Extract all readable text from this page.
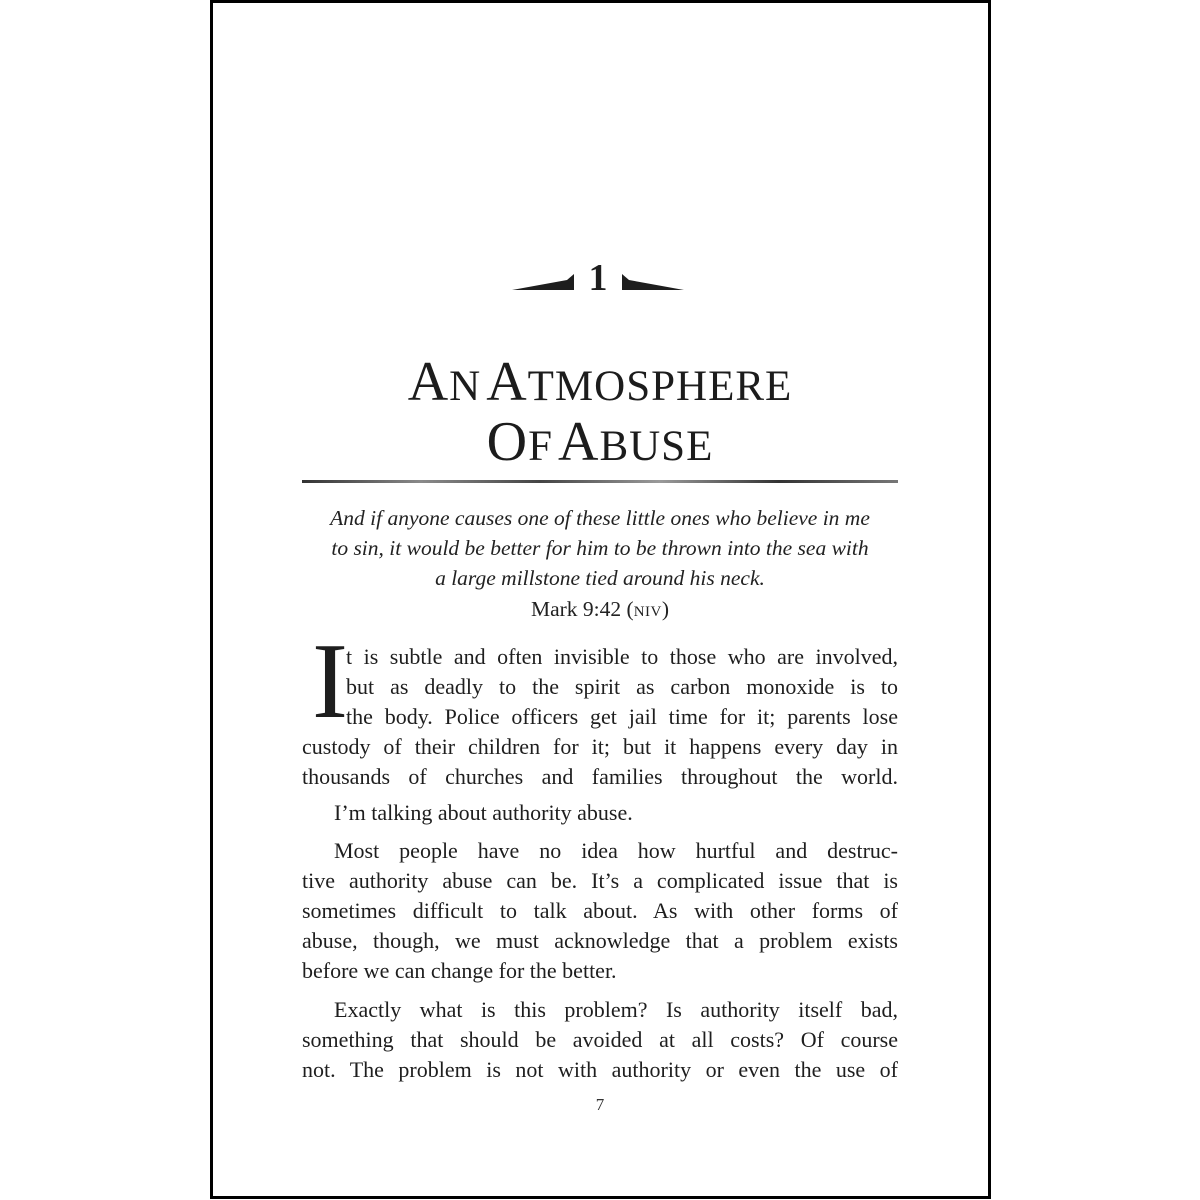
1
AN ATMOSPHERE
OF ABUSE
And if anyone causes one of these little ones who believe in me
to sin, it would be better for him to be thrown into the sea with
a large millstone tied around his neck.
Mark 9:42 (NIV)
I
t is subtle and often invisible to those who are involved,
but as deadly to the spirit as carbon monoxide is to
the body. Police officers get jail time for it; parents lose
custody of their children for it; but it happens every day in
thousands of churches and families throughout the world.
I’m talking about authority abuse.
Most people have no idea how hurtful and destruc-
tive authority abuse can be. It’s a complicated issue that is
sometimes difficult to talk about. As with other forms of
abuse, though, we must acknowledge that a problem exists
before we can change for the better.
Exactly what is this problem? Is authority itself bad,
something that should be avoided at all costs? Of course
not. The problem is not with authority or even the use of
7
